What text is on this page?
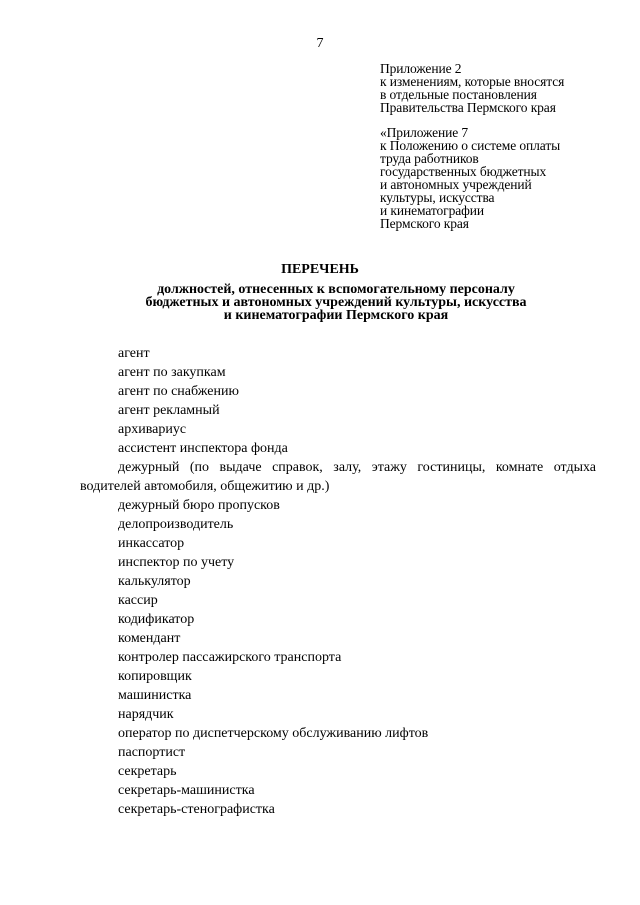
7
Приложение 2
к изменениям, которые вносятся
в отдельные постановления
Правительства Пермского края
«Приложение 7
к Положению о системе оплаты
труда работников
государственных бюджетных
и автономных учреждений
культуры, искусства
и кинематографии
Пермского края
ПЕРЕЧЕНЬ
должностей, отнесенных к вспомогательному персоналу
бюджетных и автономных учреждений культуры, искусства
и кинематографии Пермского края
агент
агент по закупкам
агент по снабжению
агент рекламный
архивариус
ассистент инспектора фонда
дежурный (по выдаче справок, залу, этажу гостиницы, комнате отдыха водителей автомобиля, общежитию и др.)
дежурный бюро пропусков
делопроизводитель
инкассатор
инспектор по учету
калькулятор
кассир
кодификатор
комендант
контролер пассажирского транспорта
копировщик
машинистка
нарядчик
оператор по диспетчерскому обслуживанию лифтов
паспортист
секретарь
секретарь-машинистка
секретарь-стенографистка
